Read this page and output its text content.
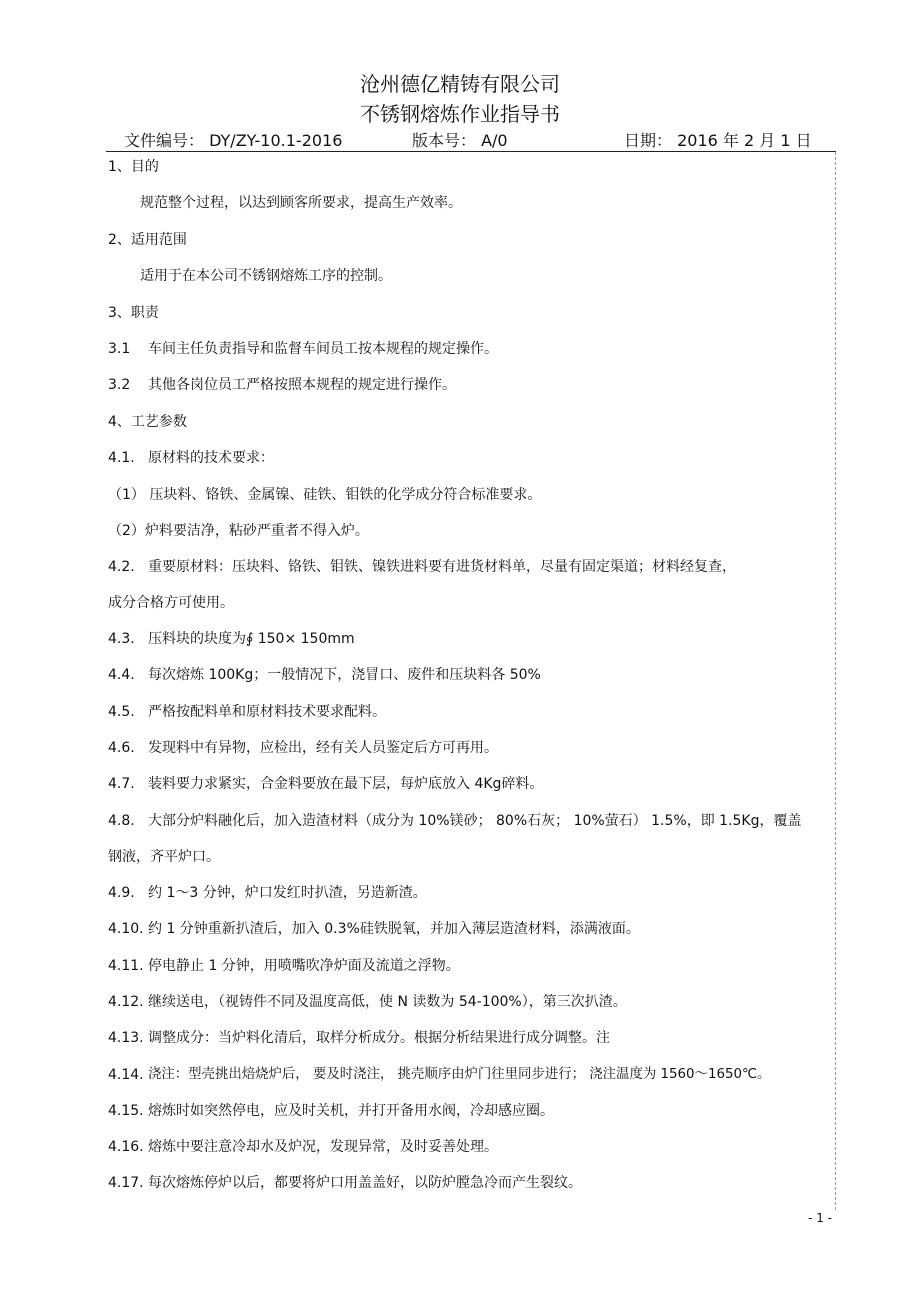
沧州德亿精铸有限公司
不锈钢熔炼作业指导书
文件编号： DY/ZY-10.1-2016	版本号： A/0	日期： 2016 年 2 月 1 日
1、目的
规范整个过程，以达到顾客所要求，提高生产效率。
2、适用范围
适用于在本公司不锈钢熔炼工序的控制。
3、职责
3.1 车间主任负责指导和监督车间员工按本规程的规定操作。
3.2 其他各岗位员工严格按照本规程的规定进行操作。
4、工艺参数
4.1. 原材料的技术要求：
（1） 压块料、铬铁、金属镍、硅铁、钼铁的化学成分符合标准要求。
（2）炉料要洁净，粘砂严重者不得入炉。
4.2. 重要原材料：压块料、铬铁、钼铁、镍铁进料要有进货材料单，尽量有固定渠道；材料经复查，
成分合格方可使用。
4.3. 压料块的块度为∮ 150× 150mm
4.4. 每次熔炼 100Kg；一般情况下，浇冒口、废件和压块料各 50%
4.5. 严格按配料单和原材料技术要求配料。
4.6. 发现料中有异物，应检出，经有关人员鉴定后方可再用。
4.7. 装料要力求紧实，合金料要放在最下层，每炉底放入 4Kg碎料。
4.8. 大部分炉料融化后，加入造渣材料（成分为 10%镁砂； 80%石灰； 10%萤石） 1.5%，即 1.5Kg，覆盖
钢液，齐平炉口。
4.9. 约 1～3 分钟，炉口发红时扒渣，另造新渣。
4.10. 约 1 分钟重新扒渣后，加入 0.3%硅铁脱氧，并加入薄层造渣材料，添满液面。
4.11. 停电静止 1 分钟，用喷嘴吹净炉面及流道之浮物。
4.12. 继续送电，（视铸件不同及温度高低，使 N 读数为 54-100%），第三次扒渣。
4.13. 调整成分：当炉料化清后，取样分析成分。根据分析结果进行成分调整。注
4.14. 浇注：型壳挑出焙烧炉后， 要及时浇注， 挑壳顺序由炉门往里同步进行； 浇注温度为 1560～1650℃。
4.15. 熔炼时如突然停电，应及时关机，并打开备用水阀，冷却感应圈。
4.16. 熔炼中要注意冷却水及炉况，发现异常，及时妥善处理。
4.17. 每次熔炼停炉以后，都要将炉口用盖盖好，以防炉膛急冷而产生裂纹。
- 1 -
